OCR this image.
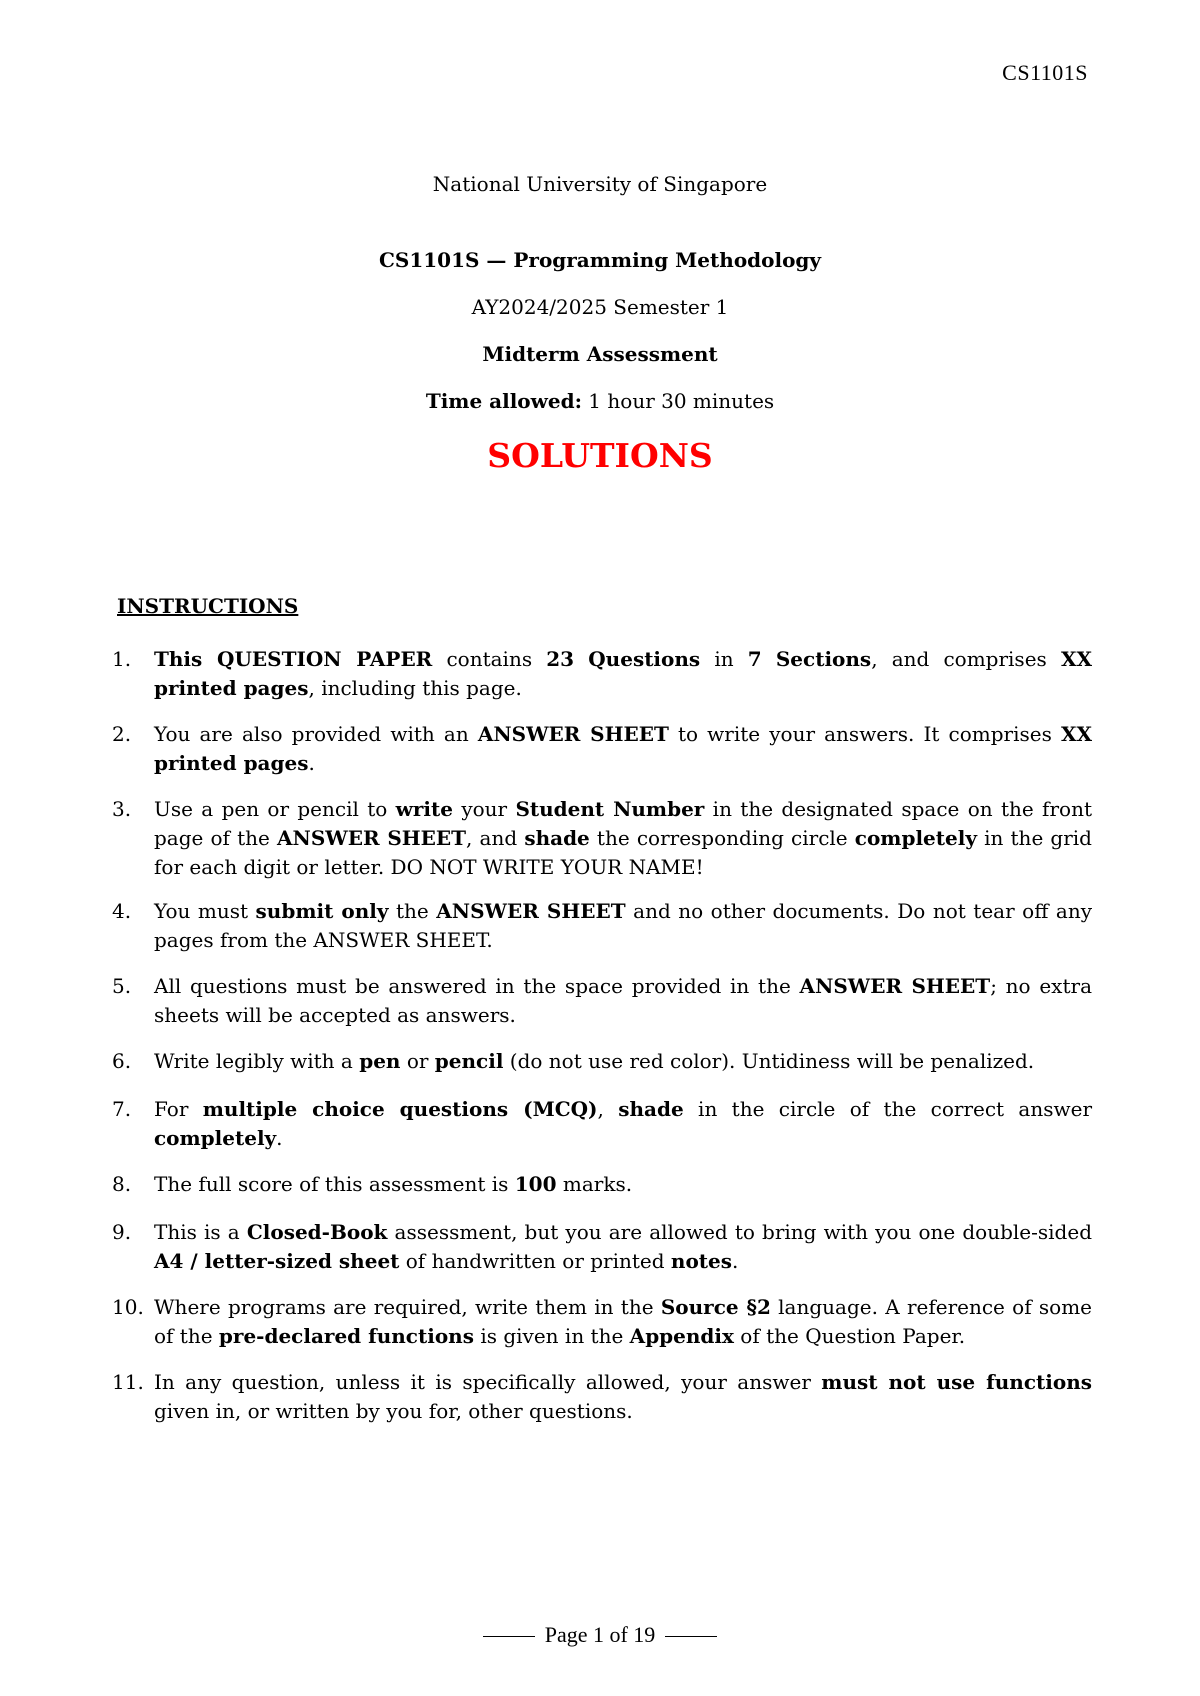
CS1101S
National University of Singapore
CS1101S — Programming Methodology
AY2024/2025 Semester 1
Midterm Assessment
Time allowed: 1 hour 30 minutes
SOLUTIONS
INSTRUCTIONS
1. This QUESTION PAPER contains 23 Questions in 7 Sections, and comprises XX printed pages, including this page.
2. You are also provided with an ANSWER SHEET to write your answers. It comprises XX printed pages.
3. Use a pen or pencil to write your Student Number in the designated space on the front page of the ANSWER SHEET, and shade the corresponding circle completely in the grid for each digit or letter. DO NOT WRITE YOUR NAME!
4. You must submit only the ANSWER SHEET and no other documents. Do not tear off any pages from the ANSWER SHEET.
5. All questions must be answered in the space provided in the ANSWER SHEET; no extra sheets will be accepted as answers.
6. Write legibly with a pen or pencil (do not use red color). Untidiness will be penalized.
7. For multiple choice questions (MCQ), shade in the circle of the correct answer completely.
8. The full score of this assessment is 100 marks.
9. This is a Closed-Book assessment, but you are allowed to bring with you one double-sided A4 / letter-sized sheet of handwritten or printed notes.
10. Where programs are required, write them in the Source §2 language. A reference of some of the pre-declared functions is given in the Appendix of the Question Paper.
11. In any question, unless it is specifically allowed, your answer must not use functions given in, or written by you for, other questions.
Page 1 of 19
